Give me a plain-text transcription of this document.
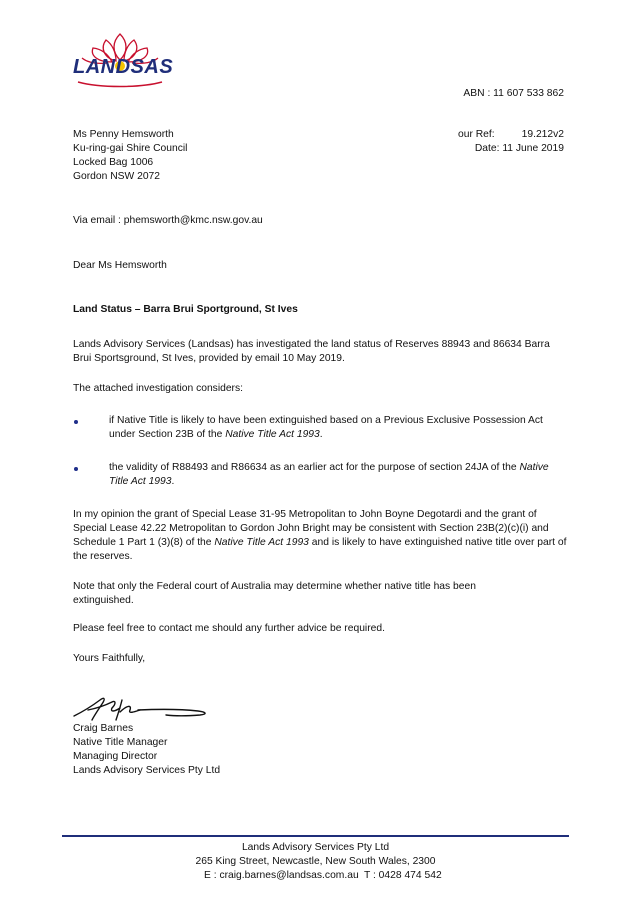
LANDSAS
ABN : 11 607 533 862

Ms Penny Hemsworth

Ku-ring-gai Shire Council

Locked Bag 1006

Gordon NSW 2072

our Ref:	19.212v2
Date: 11 June 2019
Via email : phemsworth@kmc.nsw.gov.au
Dear Ms Hemsworth
Land Status – Barra Brui Sportground, St Ives

Lands Advisory Services (Landsas) has investigated the land status of Reserves 88943 and 86634 Barra Brui Sportsground, St Ives, provided by email 10 May 2019.

The attached investigation considers:

if Native Title is likely to have been extinguished based on a Previous Exclusive Possession Act under Section 23B of the Native Title Act 1993.

the validity of R88493 and R86634 as an earlier act for the purpose of section 24JA of the Native Title Act 1993.

In my opinion the grant of Special Lease 31-95 Metropolitan to John Boyne Degotardi and the grant of Special Lease 42.22 Metropolitan to Gordon John Bright may be consistent with Section 23B(2)(c)(i) and Schedule 1 Part 1 (3)(8) of the Native Title Act 1993 and is likely to have extinguished native title over part of the reserves.

Note that only the Federal court of Australia may determine whether native title has been extinguished.

Please feel free to contact me should any further advice be required.

Yours Faithfully,

Craig Barnes

Native Title Manager

Managing Director

Lands Advisory Services Pty Ltd

Lands Advisory Services Pty Ltd
265 King Street, Newcastle, New South Wales, 2300
E : craig.barnes@landsas.com.au T : 0428 474 542
